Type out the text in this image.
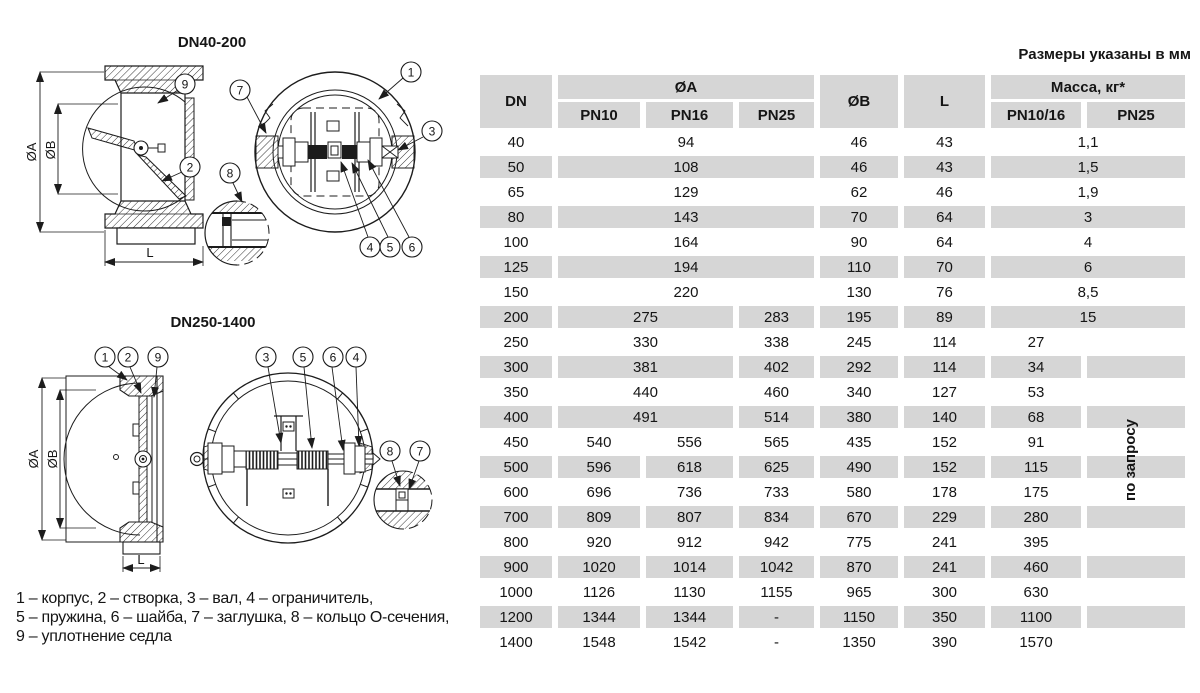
DN40-200
ØA ØB
L
9
2
1
7
3
4 5 6
8
DN250-1400
ØA ØB
L
1 2 9	3	5 6 4
8 7
Размеры указаны в мм
DN	ØA			ØB	L	Масса, кг*	
	PN10	PN16	PN25			PN10/16	PN25
40	94			46	43	1,1	
50	108			46	43	1,5	
65	129			62	46	1,9	
80	143			70	64	3	
100	164			90	64	4	
125	194			110	70	6	
150	220			130	76	8,5	
200	275		283	195	89	15	
250	330		338	245	114	27	
300	381		402	292	114	34	
350	440		460	340	127	53	
400	491		514	380	140	68	
450	540	556	565	435	152	91	
500	596	618	625	490	152	115	
600	696	736	733	580	178	175	
700	809	807	834	670	229	280	
800	920	912	942	775	241	395	
900	1020	1014	1042	870	241	460	
1000	1126	1130	1155	965	300	630	
1200	1344	1344	-	1150	350	1100	
1400	1548	1542	-	1350	390	1570	
по запросу
1 – корпус, 2 – створка, 3 – вал, 4 – ограничитель,
5 – пружина, 6 – шайба, 7 – заглушка, 8 – кольцо О-сечения,
9 – уплотнение седла
